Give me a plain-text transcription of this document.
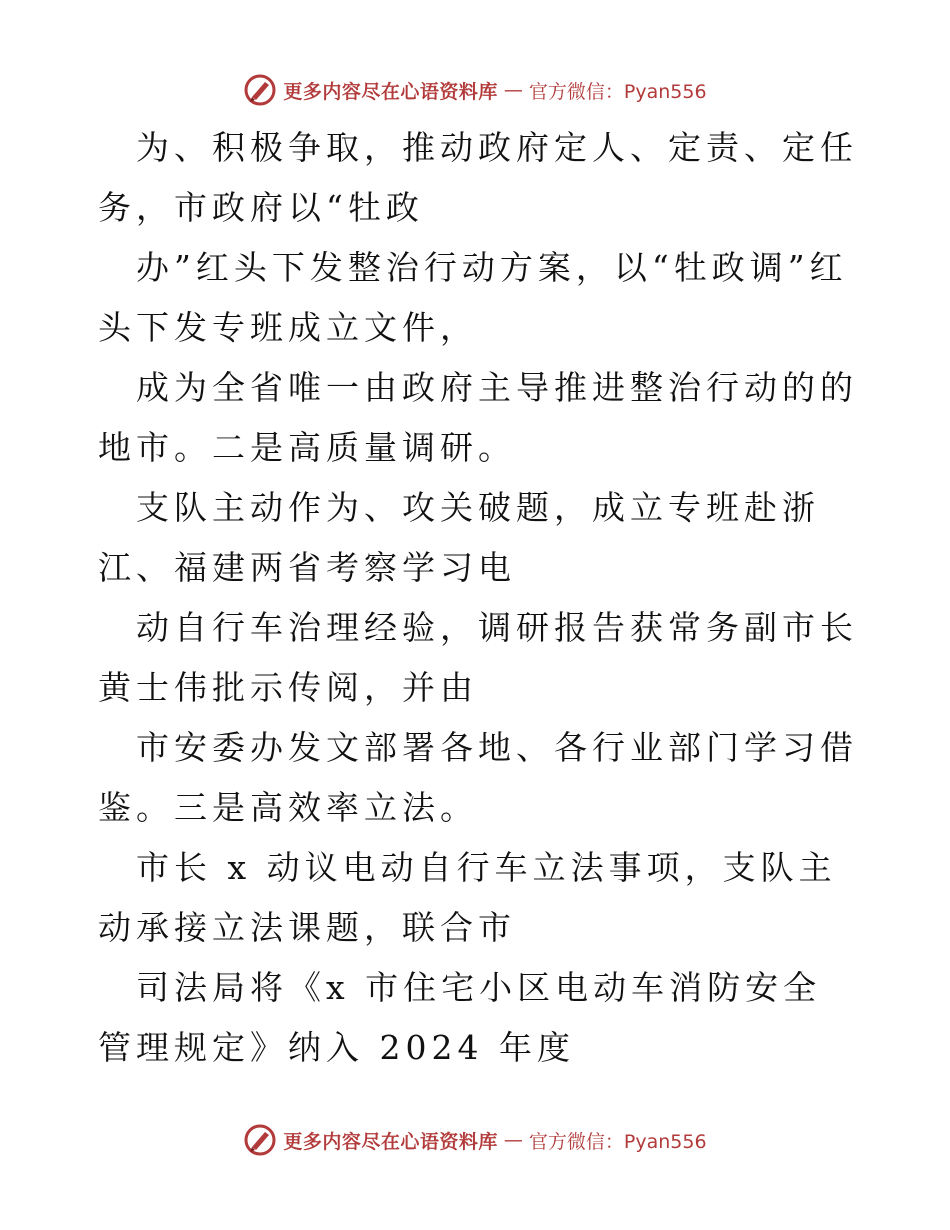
更多内容尽在心语资料库 — 官方微信：Pyan556

为、积极争取，推动政府定人、定责、定任务，市政府以“牡政

办”红头下发整治行动方案，以“牡政调”红头下发专班成立文件，

成为全省唯一由政府主导推进整治行动的的地市。二是高质量调研。

支队主动作为、攻关破题，成立专班赴浙江、福建两省考察学习电

动自行车治理经验，调研报告获常务副市长黄士伟批示传阅，并由

市安委办发文部署各地、各行业部门学习借鉴。三是高效率立法。

市长 x 动议电动自行车立法事项，支队主动承接立法课题，联合市

司法局将《x 市住宅小区电动车消防安全管理规定》纳入 2024 年度

更多内容尽在心语资料库 — 官方微信：Pyan556
